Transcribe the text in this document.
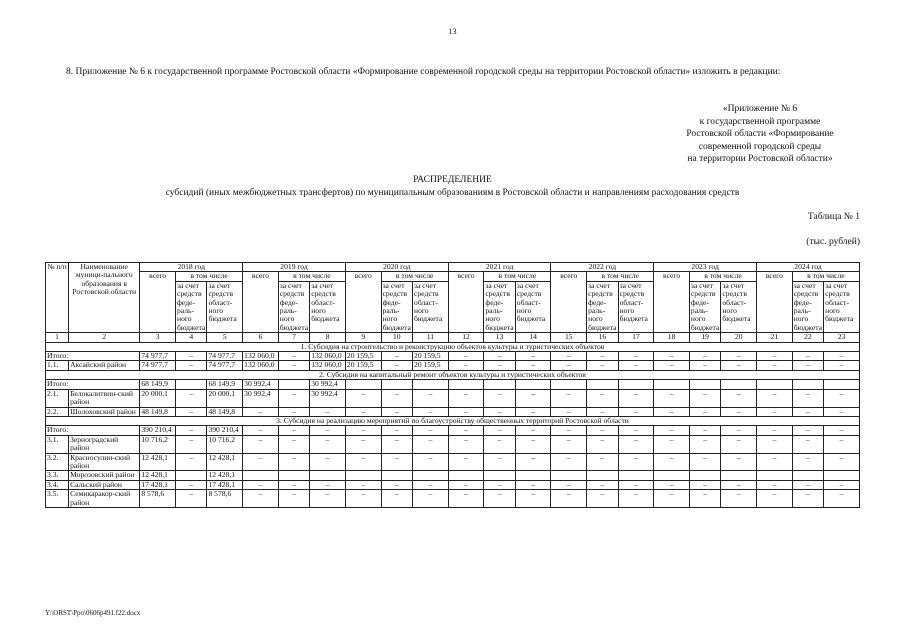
13
8. Приложение № 6 к государственной программе Ростовской области «Формирование современной городской среды на территории Ростовской области» изложить в редакции:
«Приложение № 6
к государственной программе
Ростовской области «Формирование
современной городской среды
на территории Ростовской области»
РАСПРЕДЕЛЕНИЕ
субсидий (иных межбюджетных трансфертов) по муниципальным образованиям в Ростовской области и направлениям расходования средств
Таблица № 1
(тыс. рублей)
№ п/п	Наименование муници-пального образования в Ростовской области	2018 год			2019 год			2020 год			2021 год			2022 год			2023 год			2024 год		
		всего	в том числе		всего	в том числе		всего	в том числе		всего	в том числе		всего	в том числе		всего	в том числе		всего	в том числе	
			за счет средств феде-раль-ного бюджета	за счет средств област-ного бюджета		за счет средств феде-раль-ного бюджета	за счет средств област-ного бюджета		за счет средств феде-раль-ного бюджета	за счет средств област-ного бюджета		за счет средств феде-раль-ного бюджета	за счет средств област-ного бюджета		за счет средств феде-раль-ного бюджета	за счет средств област-ного бюджета		за счет средств феде-раль-ного бюджета	за счет средств област-ного бюджета		за счет средств феде-раль-ного бюджета	за счет средств област-ного бюджета
1	2	3	4	5	6	7	8	9	10	11	12	13	14	15	16	17	18	19	20	21	22	23
1. Субсидия на строительство и реконструкцию объектов культуры и туристических объектов																						
Итого:		74 977,7	–	74 977,7	132 060,0	–	132 060,0	20 159,5	–	20 159,5	–	–	–	–	–	–	–	–	–	–	–	–
1.1.	Аксайский район	74 977,7	–	74 977,7	132 060,0	–	132 060,0	20 159,5	–	20 159,5	–	–	–	–	–	–	–	–	–	–	–	–
2. Субсидия на капитальный ремонт объектов культуры и туристических объектов																						
Итого:		68 149,9		68 149,9	30 992,4		30 992,4															
2.1.	Белокалитвин-ский район	20 000,1	–	20 000,1	30 992,4	–	30 992,4	–	–	–	–	–	–	–	–	–	–	–	–	–	–	–
2.2.	Шолоховский район	48 149,8	–	48 149,8	–	–	–	–	–	–	–	–	–	–	–	–	–	–	–	–	–	–
3. Субсидия на реализацию мероприятий по благоустройству общественных территорий Ростовской области																						
Итого:		390 210,4	–	390 210,4	–	–	–	–	–	–	–	–	–	–	–	–	–	–	–	–	–	–
3.1.	Зерноградский район	10 716,2	–	10 716,2	–	–	–	–	–	–	–	–	–	–	–	–	–	–	–	–	–	–
3.2.	Красносулин-ский район	12 428,1	–	12 428,1	–	–	–	–	–	–	–	–	–	–	–	–	–	–	–	–	–	–
3.3.	Морозовский район	12 428,1		12 428,1																		
3.4.	Сальский район	17 428,1	–	17 428,1	–	–	–	–	–	–	–	–	–	–	–	–	–	–	–	–	–	–
3.5.	Семикаракор-ский район	8 578,6	–	8 578,6	–	–	–	–	–	–	–	–	–	–	–	–	–	–	–	–	–	–
Y:\ORST\Ppo\0606p491.f22.docx
